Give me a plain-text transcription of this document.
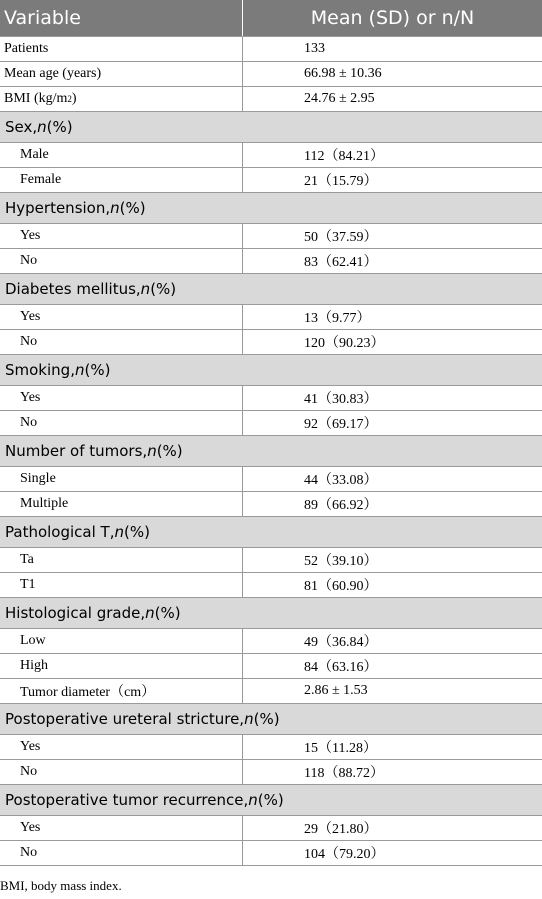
Variable	Mean (SD) or n/N
Patients	133
Mean age (years)	66.98 ± 10.36
BMI (kg/m 2 )	24.76 ± 2.95
Sex, n (%)
Male	112（84.21）
Female	21（15.79）
Hypertension, n (%)
Yes	50（37.59）
No	83（62.41）
Diabetes mellitus, n (%)
Yes	13（9.77）
No	120（90.23）
Smoking, n (%)
Yes	41（30.83）
No	92（69.17）
Number of tumors, n (%)
Single	44（33.08）
Multiple	89（66.92）
Pathological T, n (%)
Ta	52（39.10）
T1	81（60.90）
Histological grade, n (%)
Low	49（36.84）
High	84（63.16）
Tumor diameter（cm）	2.86 ± 1.53
Postoperative ureteral stricture, n (%)
Yes	15（11.28）
No	118（88.72）
Postoperative tumor recurrence, n (%)
Yes	29（21.80）
No	104（79.20）
BMI, body mass index.
